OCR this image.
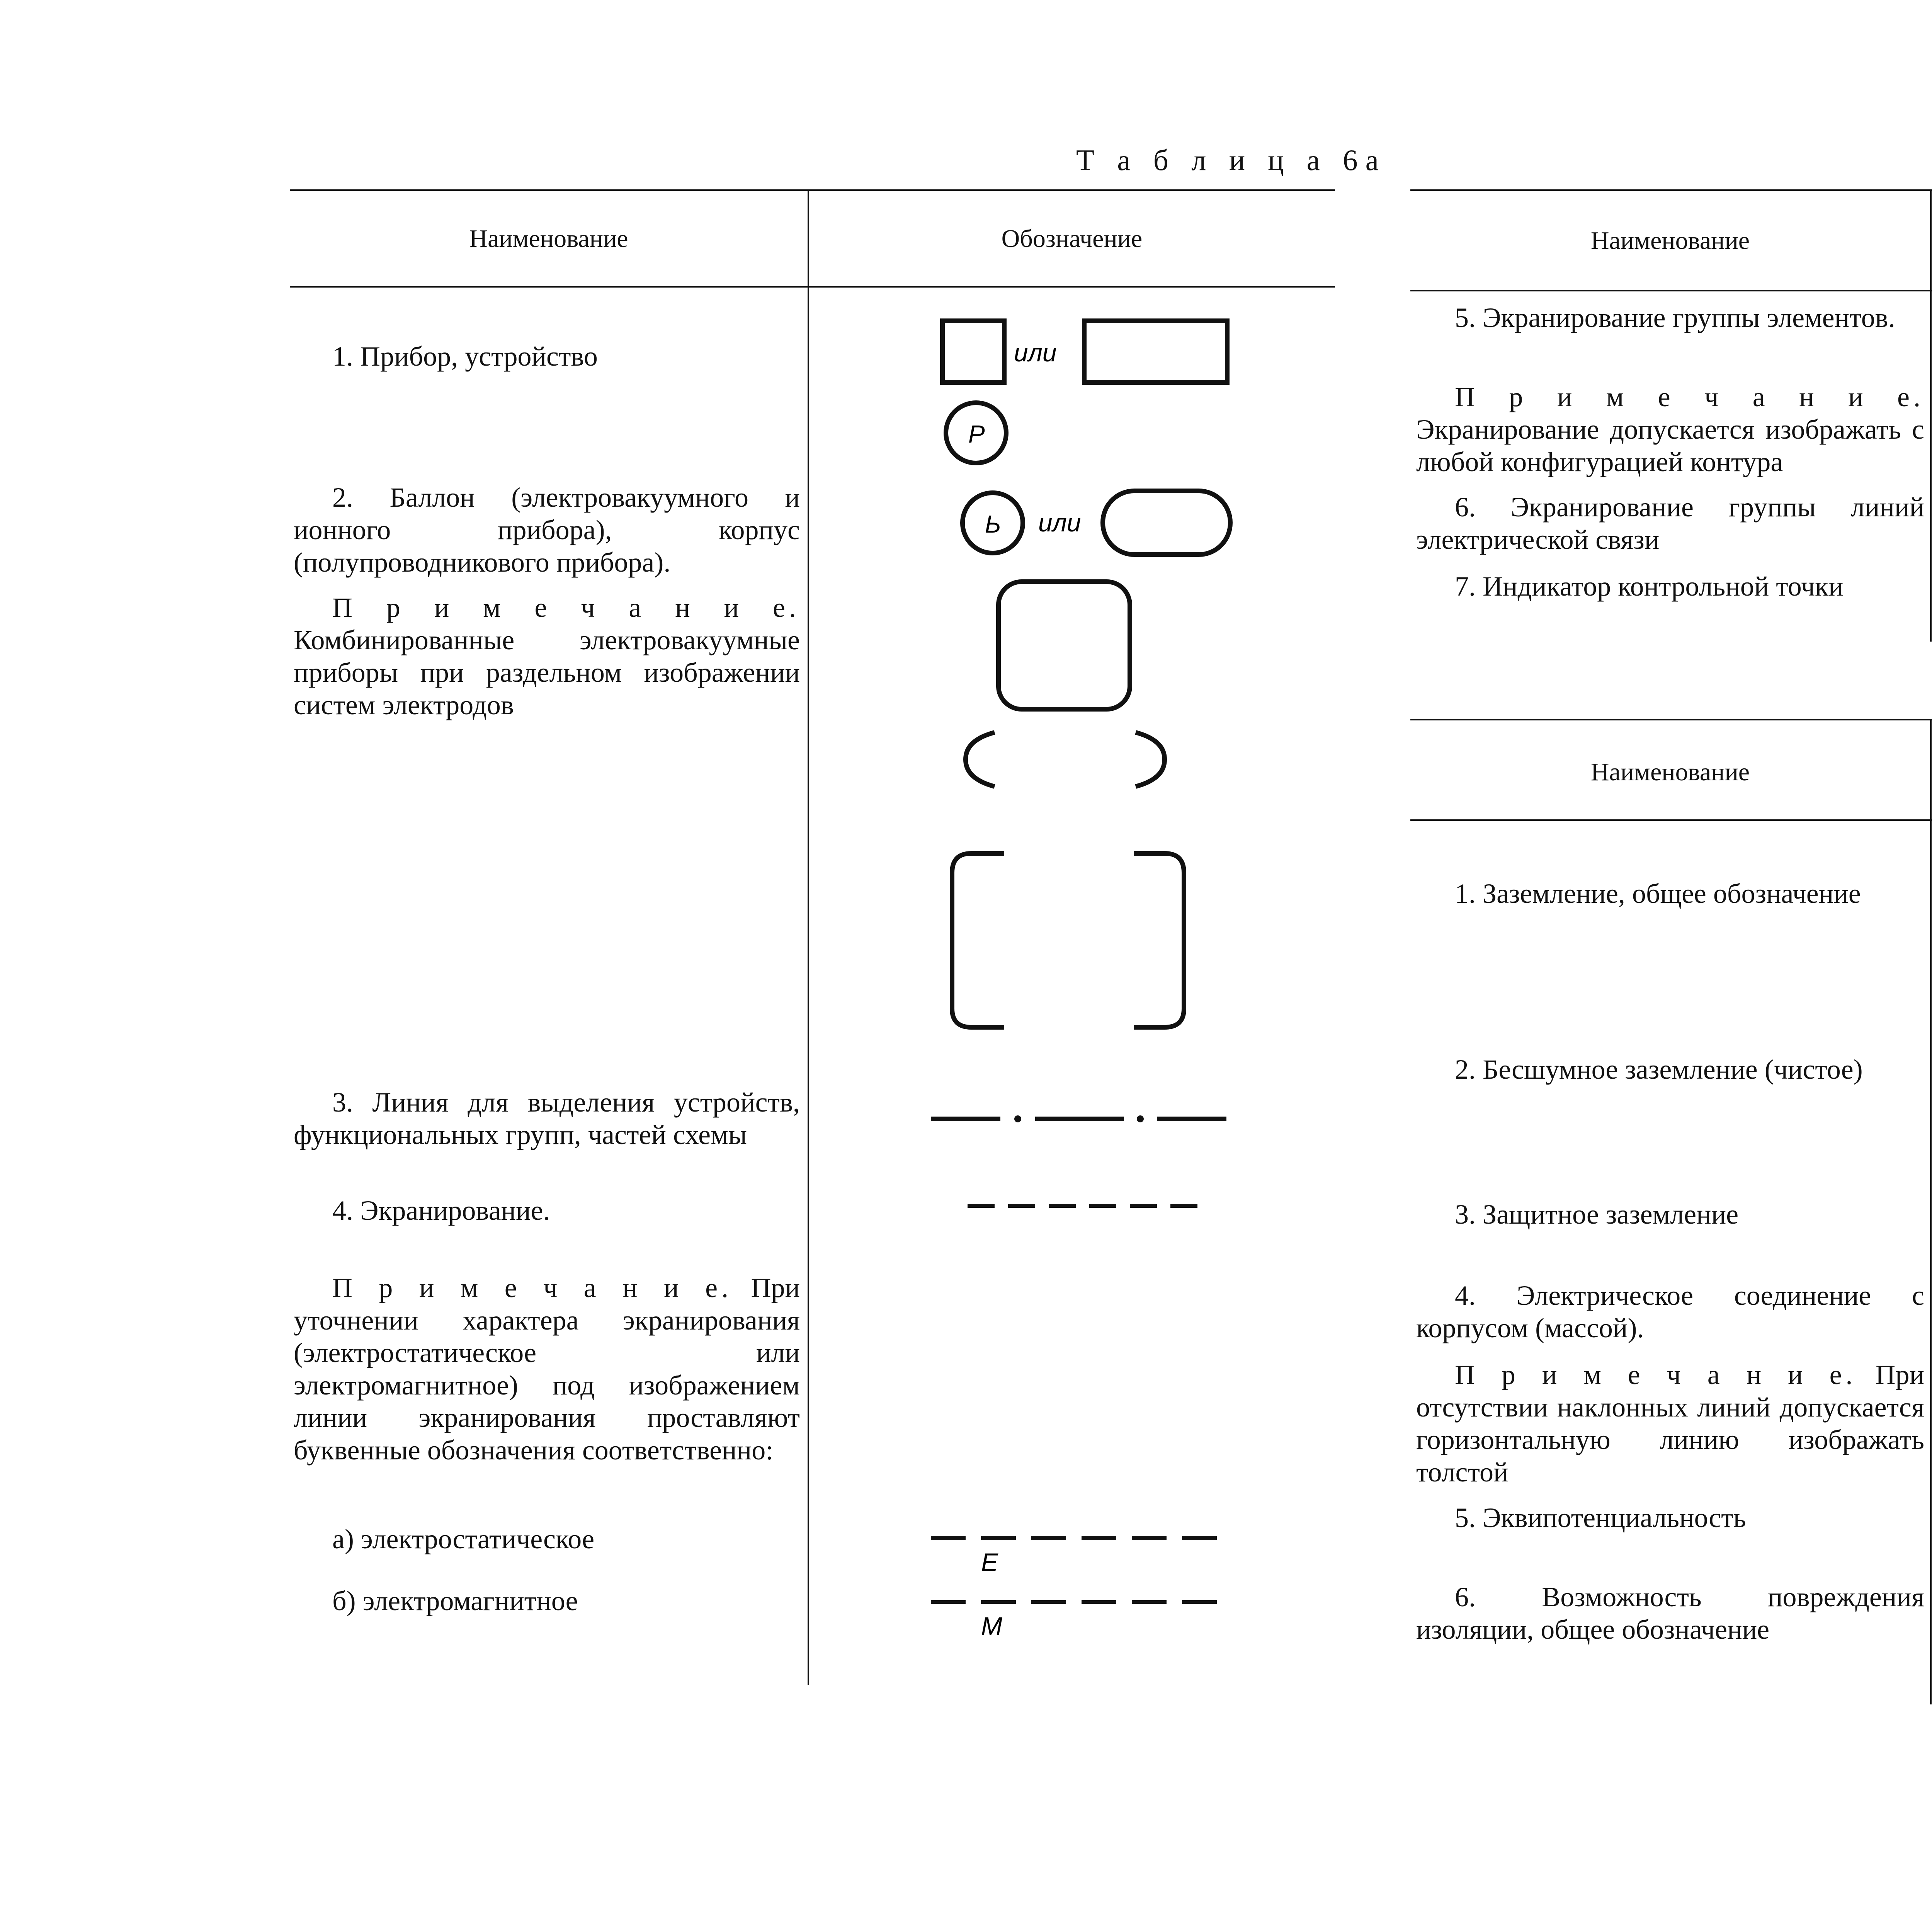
Т а б л и ц а 6а
Наименование	Обозначение
1. Прибор, устройство
2. Баллон (электровакуумного и ионного прибора), корпус (полупроводникового прибора).
П р и м е ч а н и е. Комбинированные электровакуумные приборы при раздельном изображении систем электродов
3. Линия для выделения устройств, функциональных групп, частей схемы
4. Экранирование.
П р и м е ч а н и е. При уточнении характера экранирования (электростатическое или электромагнитное) под изображением линии экранирования проставляют буквенные обозначения соответственно:
а) электростатическое
б) электромагнитное
или
Р
Ь или
Е
М
Наименование
5. Экранирование группы элементов.
П р и м е ч а н и е. Экранирование допускается изображать с любой конфигурацией контура
6. Экранирование группы линий электрической связи
7. Индикатор контрольной точки
Наименование
1. Заземление, общее обозначение
2. Бесшумное заземление (чистое)
3. Защитное заземление
4. Электрическое соединение с корпусом (массой).
П р и м е ч а н и е. При отсутствии наклонных линий допускается горизонтальную линию изображать толстой
5. Эквипотенциальность
6. Возможность повреждения изоляции, общее обозначение
